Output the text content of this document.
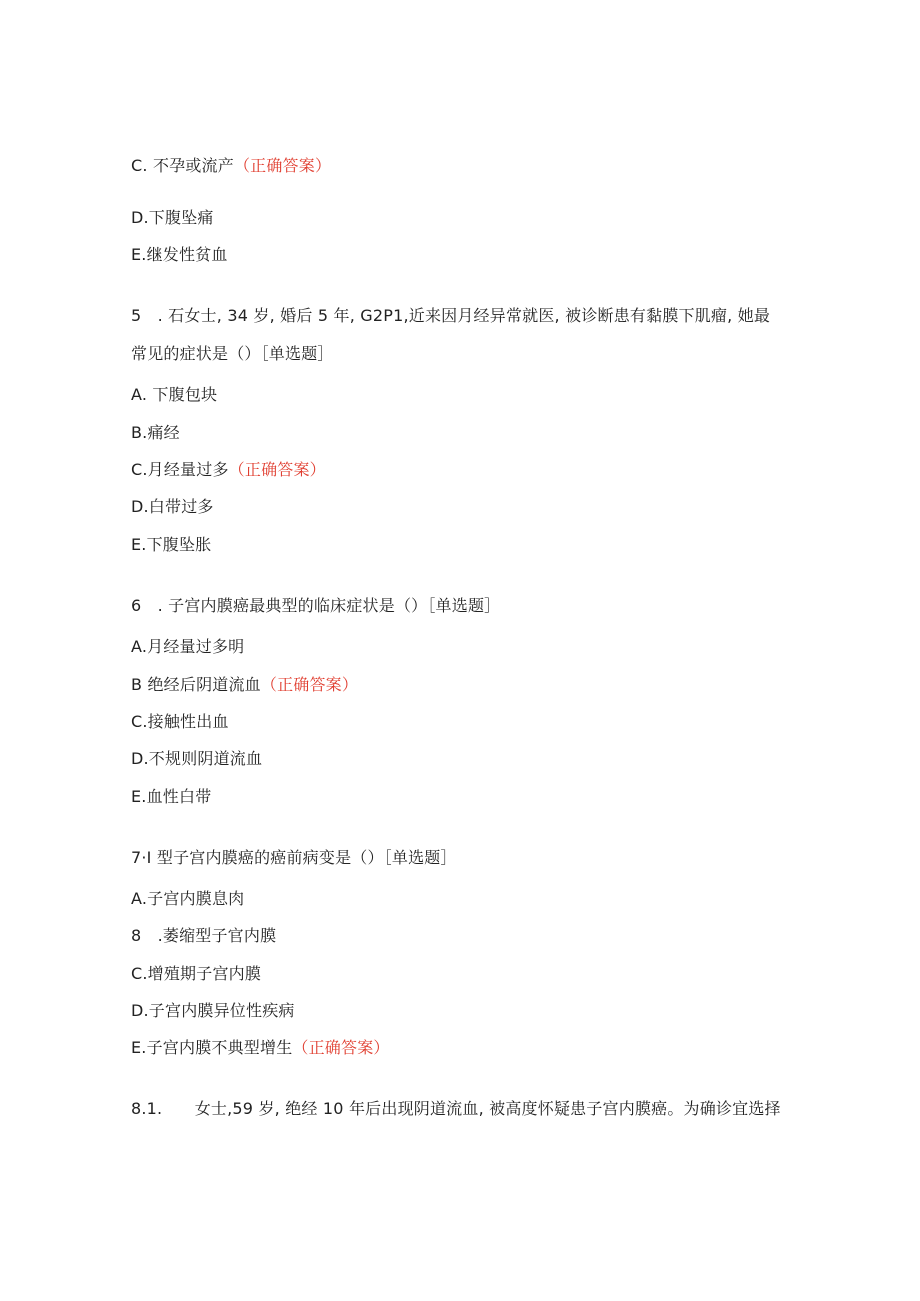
C. 不孕或流产（正确答案）
D.下腹坠痛
E.继发性贫血
5　. 石女士, 34 岁, 婚后 5 年, G2P1,近来因月经异常就医, 被诊断患有黏膜下肌瘤, 她最
常见的症状是（）［单选题］
A. 下腹包块
B.痛经
C.月经量过多（正确答案）
D.白带过多
E.下腹坠胀
6　. 子宫内膜癌最典型的临床症状是（）［单选题］
A.月经量过多明
B 绝经后阴道流血（正确答案）
C.接触性出血
D.不规则阴道流血
E.血性白带
7·I 型子宫内膜癌的癌前病变是（）［单选题］
A.子宫内膜息肉
8　.萎缩型子官内膜
C.增殖期子宫内膜
D.子宫内膜异位性疾病
E.子宫内膜不典型增生（正确答案）
8.1.　　女士,59 岁, 绝经 10 年后出现阴道流血, 被高度怀疑患子宫内膜癌。为确诊宜选择
